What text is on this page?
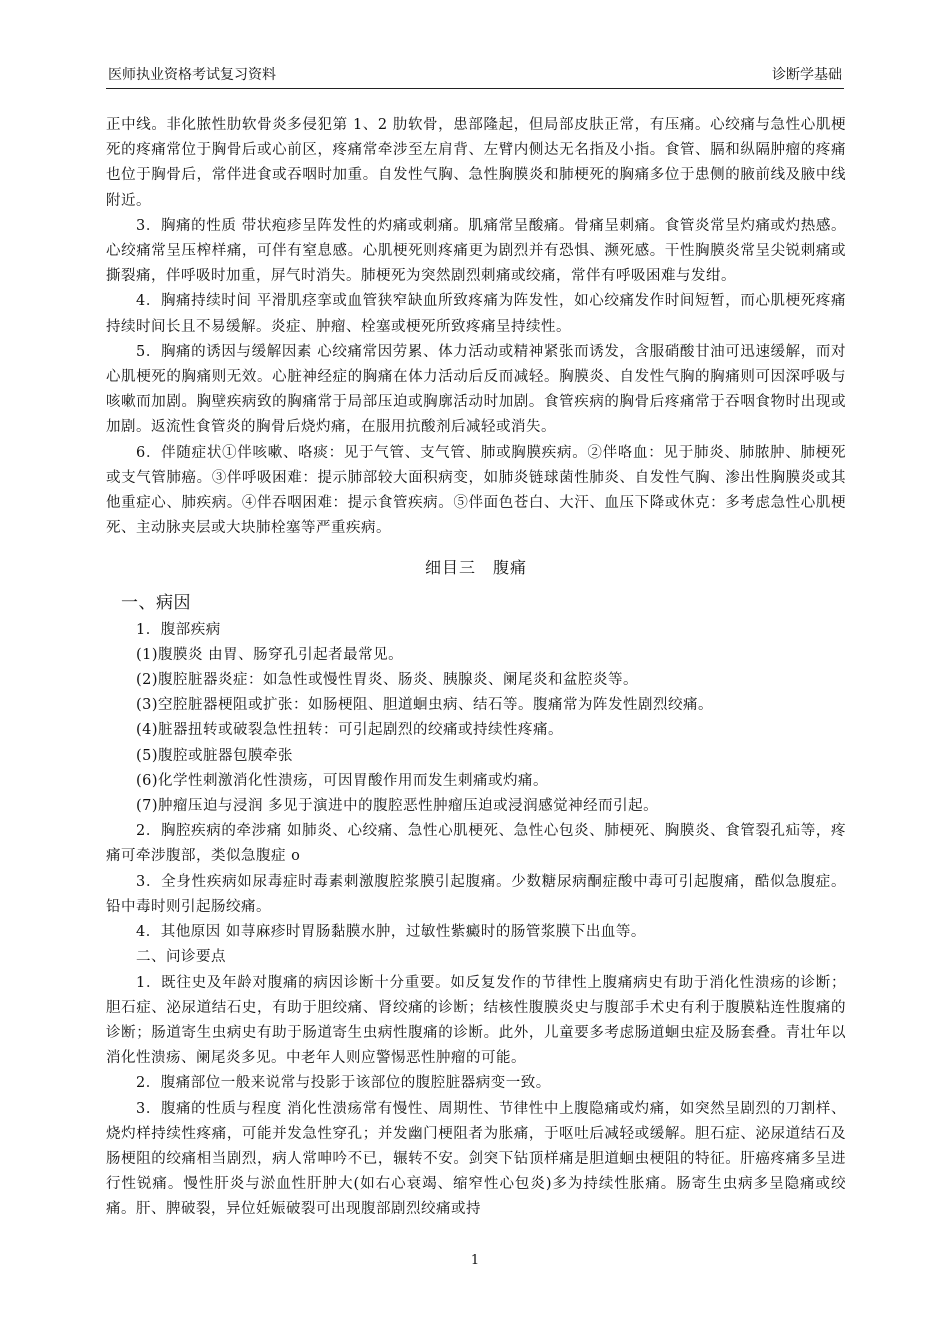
医师执业资格考试复习资料	诊断学基础

正中线。非化脓性肋软骨炎多侵犯第 1、2 肋软骨，患部隆起，但局部皮肤正常，有压痛。心绞痛与急性心肌梗死的疼痛常位于胸骨后或心前区，疼痛常牵涉至左肩背、左臂内侧达无名指及小指。食管、膈和纵隔肿瘤的疼痛也位于胸骨后，常伴进食或吞咽时加重。自发性气胸、急性胸膜炎和肺梗死的胸痛多位于患侧的腋前线及腋中线附近。

3．胸痛的性质 带状疱疹呈阵发性的灼痛或刺痛。肌痛常呈酸痛。骨痛呈刺痛。食管炎常呈灼痛或灼热感。心绞痛常呈压榨样痛，可伴有窒息感。心肌梗死则疼痛更为剧烈并有恐惧、濒死感。干性胸膜炎常呈尖锐刺痛或撕裂痛，伴呼吸时加重，屏气时消失。肺梗死为突然剧烈刺痛或绞痛，常伴有呼吸困难与发绀。

4．胸痛持续时间 平滑肌痉挛或血管狭窄缺血所致疼痛为阵发性，如心绞痛发作时间短暂，而心肌梗死疼痛持续时间长且不易缓解。炎症、肿瘤、栓塞或梗死所致疼痛呈持续性。

5．胸痛的诱因与缓解因素 心绞痛常因劳累、体力活动或精神紧张而诱发，含服硝酸甘油可迅速缓解，而对心肌梗死的胸痛则无效。心脏神经症的胸痛在体力活动后反而减轻。胸膜炎、自发性气胸的胸痛则可因深呼吸与咳嗽而加剧。胸壁疾病致的胸痛常于局部压迫或胸廓活动时加剧。食管疾病的胸骨后疼痛常于吞咽食物时出现或加剧。返流性食管炎的胸骨后烧灼痛，在服用抗酸剂后减轻或消失。

6．伴随症状①伴咳嗽、咯痰：见于气管、支气管、肺或胸膜疾病。②伴咯血：见于肺炎、肺脓肿、肺梗死或支气管肺癌。③伴呼吸困难：提示肺部较大面积病变，如肺炎链球菌性肺炎、自发性气胸、渗出性胸膜炎或其他重症心、肺疾病。④伴吞咽困难：提示食管疾病。⑤伴面色苍白、大汗、血压下降或休克：多考虑急性心肌梗死、主动脉夹层或大块肺栓塞等严重疾病。

细目三　腹痛
一、病因

1．腹部疾病

(1)腹膜炎 由胃、肠穿孔引起者最常见。

(2)腹腔脏器炎症：如急性或慢性胃炎、肠炎、胰腺炎、阑尾炎和盆腔炎等。

(3)空腔脏器梗阻或扩张：如肠梗阻、胆道蛔虫病、结石等。腹痛常为阵发性剧烈绞痛。

(4)脏器扭转或破裂急性扭转：可引起剧烈的绞痛或持续性疼痛。

(5)腹腔或脏器包膜牵张

(6)化学性刺激消化性溃疡，可因胃酸作用而发生刺痛或灼痛。

(7)肿瘤压迫与浸润 多见于演进中的腹腔恶性肿瘤压迫或浸润感觉神经而引起。

2．胸腔疾病的牵涉痛 如肺炎、心绞痛、急性心肌梗死、急性心包炎、肺梗死、胸膜炎、食管裂孔疝等，疼痛可牵涉腹部，类似急腹症 o

3．全身性疾病如尿毒症时毒素刺激腹腔浆膜引起腹痛。少数糖尿病酮症酸中毒可引起腹痛，酷似急腹症。铅中毒时则引起肠绞痛。

4．其他原因 如荨麻疹时胃肠黏膜水肿，过敏性紫癜时的肠管浆膜下出血等。

二、问诊要点

1．既往史及年龄对腹痛的病因诊断十分重要。如反复发作的节律性上腹痛病史有助于消化性溃疡的诊断；胆石症、泌尿道结石史，有助于胆绞痛、肾绞痛的诊断；结核性腹膜炎史与腹部手术史有利于腹膜粘连性腹痛的诊断；肠道寄生虫病史有助于肠道寄生虫病性腹痛的诊断。此外，儿童要多考虑肠道蛔虫症及肠套叠。青壮年以消化性溃疡、阑尾炎多见。中老年人则应警惕恶性肿瘤的可能。

2．腹痛部位一般来说常与投影于该部位的腹腔脏器病变一致。

3．腹痛的性质与程度 消化性溃疡常有慢性、周期性、节律性中上腹隐痛或灼痛，如突然呈剧烈的刀割样、烧灼样持续性疼痛，可能并发急性穿孔；并发幽门梗阻者为胀痛，于呕吐后减轻或缓解。胆石症、泌尿道结石及肠梗阻的绞痛相当剧烈，病人常呻吟不已，辗转不安。剑突下钻顶样痛是胆道蛔虫梗阻的特征。肝癌疼痛多呈进行性锐痛。慢性肝炎与淤血性肝肿大(如右心衰竭、缩窄性心包炎)多为持续性胀痛。肠寄生虫病多呈隐痛或绞痛。肝、脾破裂，异位妊娠破裂可出现腹部剧烈绞痛或持

1
